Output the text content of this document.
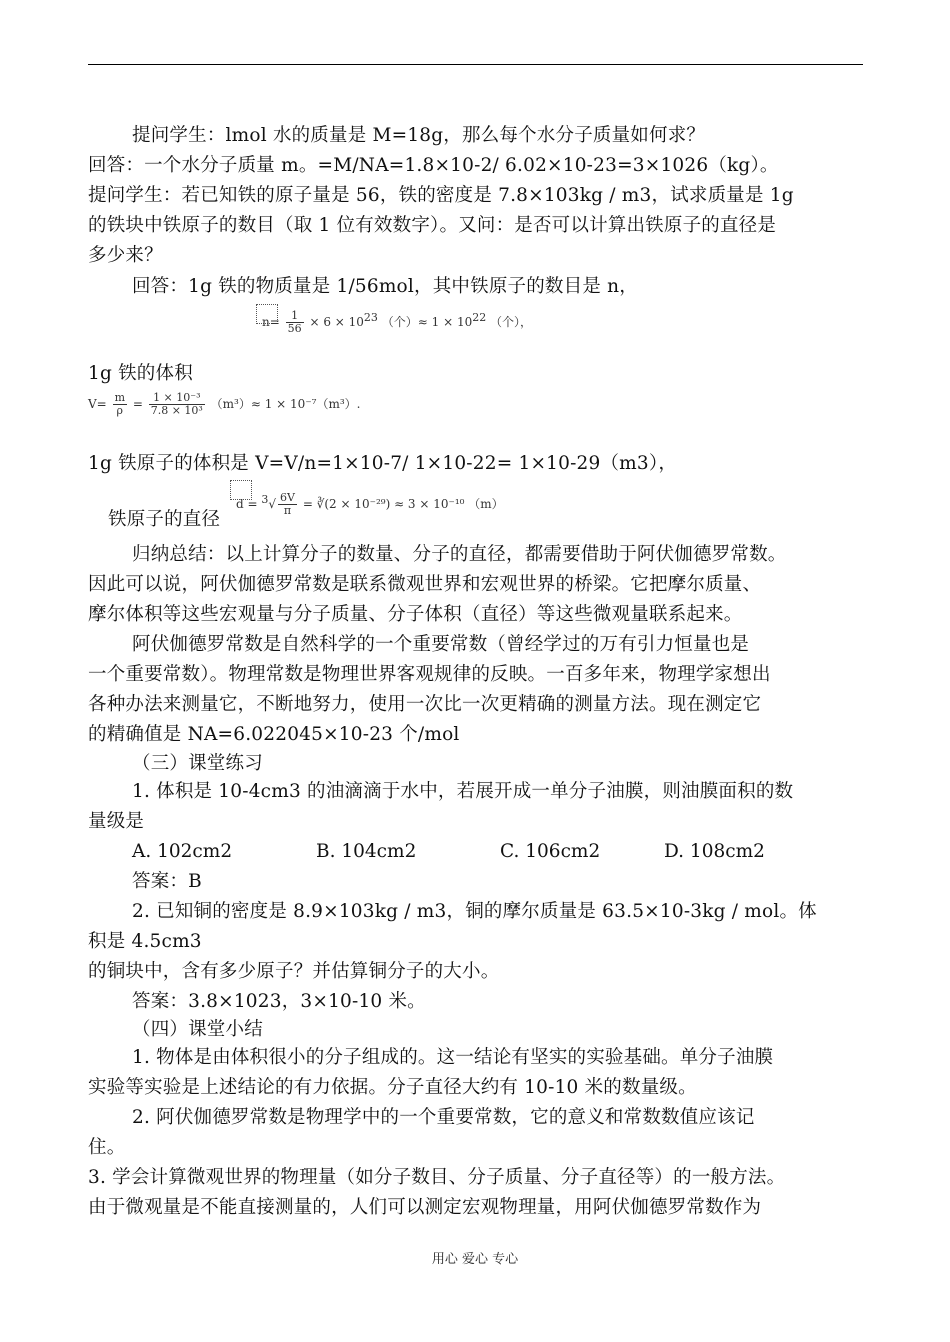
提问学生：lmol 水的质量是 M=18g，那么每个水分子质量如何求？
回答：一个水分子质量 m。=M/NA=1.8×10-2/ 6.02×10-23=3×1026（kg）。
提问学生：若已知铁的原子量是 56，铁的密度是 7.8×103kg / m3，试求质量是 1g
的铁块中铁原子的数目（取 1 位有效数字）。又问：是否可以计算出铁原子的直径是
多少来？
回答：1g 铁的物质量是 1/56mol，其中铁原子的数目是 n，
$n= \frac{1}{56} \times 6 \times 10^{23}$ （个）≈ $1 \times 10^{22}$ （个），
1g 铁的体积
$V= \frac{m}{\rho} = \frac{\text{1 × 10⁻³}}{\text{7.8 × 10³}} (m^3)\approx 1 \times 10^{-7}(m^3)$.
1g 铁原子的体积是 V=V/n=1×10-7/ 1×10-22= 1×10-29（m3），
铁原子的直径
$d = ^3√ \frac{6V}{\pi}$ = ∛(2 × 10⁻²⁹) ≈ 3 × 10⁻¹⁰ （m）
归纳总结：以上计算分子的数量、分子的直径，都需要借助于阿伏伽德罗常数。
因此可以说，阿伏伽德罗常数是联系微观世界和宏观世界的桥梁。它把摩尔质量、
摩尔体积等这些宏观量与分子质量、分子体积（直径）等这些微观量联系起来。
阿伏伽德罗常数是自然科学的一个重要常数（曾经学过的万有引力恒量也是
一个重要常数）。物理常数是物理世界客观规律的反映。一百多年来，物理学家想出
各种办法来测量它，不断地努力，使用一次比一次更精确的测量方法。现在测定它
的精确值是 NA=6.022045×10-23 个/mol
（三）课堂练习
1. 体积是 10-4cm3 的油滴滴于水中，若展开成一单分子油膜，则油膜面积的数
量级是
A. 102cm2	B. 104cm2	C. 106cm2	D. 108cm2
答案：B
2. 已知铜的密度是 8.9×103kg / m3，铜的摩尔质量是 63.5×10-3kg / mol。体
积是 4.5cm3
的铜块中，含有多少原子？并估算铜分子的大小。
答案：3.8×1023，3×10-10 米。
（四）课堂小结
1. 物体是由体积很小的分子组成的。这一结论有坚实的实验基础。单分子油膜
实验等实验是上述结论的有力依据。分子直径大约有 10-10 米的数量级。
2. 阿伏伽德罗常数是物理学中的一个重要常数，它的意义和常数数值应该记
住。
3. 学会计算微观世界的物理量（如分子数目、分子质量、分子直径等）的一般方法。
由于微观量是不能直接测量的，人们可以测定宏观物理量，用阿伏伽德罗常数作为
用心 爱心 专心
